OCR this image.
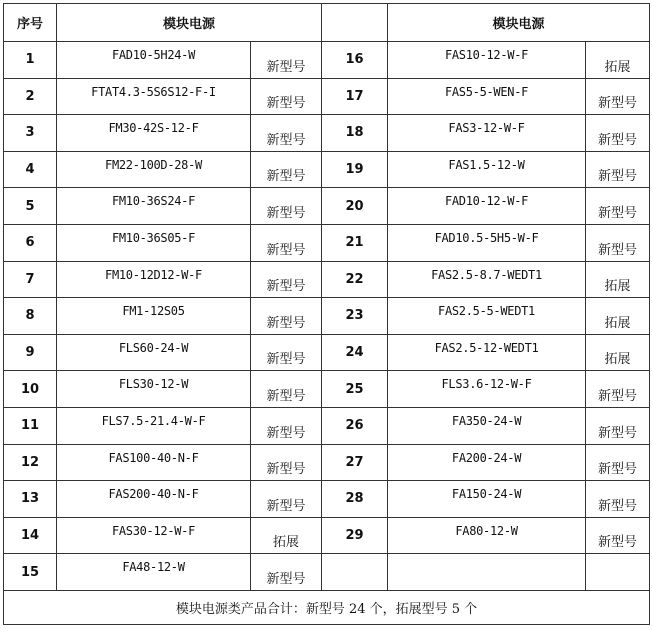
序号	模块电源			模块电源	
1	FAD10-5H24-W	新型号	16	FAS10-12-W-F	拓展
2	FTAT4.3-5S6S12-F-I	新型号	17	FAS5-5-WEN-F	新型号
3	FM30-42S-12-F	新型号	18	FAS3-12-W-F	新型号
4	FM22-100D-28-W	新型号	19	FAS1.5-12-W	新型号
5	FM10-36S24-F	新型号	20	FAD10-12-W-F	新型号
6	FM10-36S05-F	新型号	21	FAD10.5-5H5-W-F	新型号
7	FM10-12D12-W-F	新型号	22	FAS2.5-8.7-WEDT1	拓展
8	FM1-12S05	新型号	23	FAS2.5-5-WEDT1	拓展
9	FLS60-24-W	新型号	24	FAS2.5-12-WEDT1	拓展
10	FLS30-12-W	新型号	25	FLS3.6-12-W-F	新型号
11	FLS7.5-21.4-W-F	新型号	26	FA350-24-W	新型号
12	FAS100-40-N-F	新型号	27	FA200-24-W	新型号
13	FAS200-40-N-F	新型号	28	FA150-24-W	新型号
14	FAS30-12-W-F	拓展	29	FA80-12-W	新型号
15	FA48-12-W	新型号			
模块电源类产品合计：新型号 24 个，拓展型号 5 个					
